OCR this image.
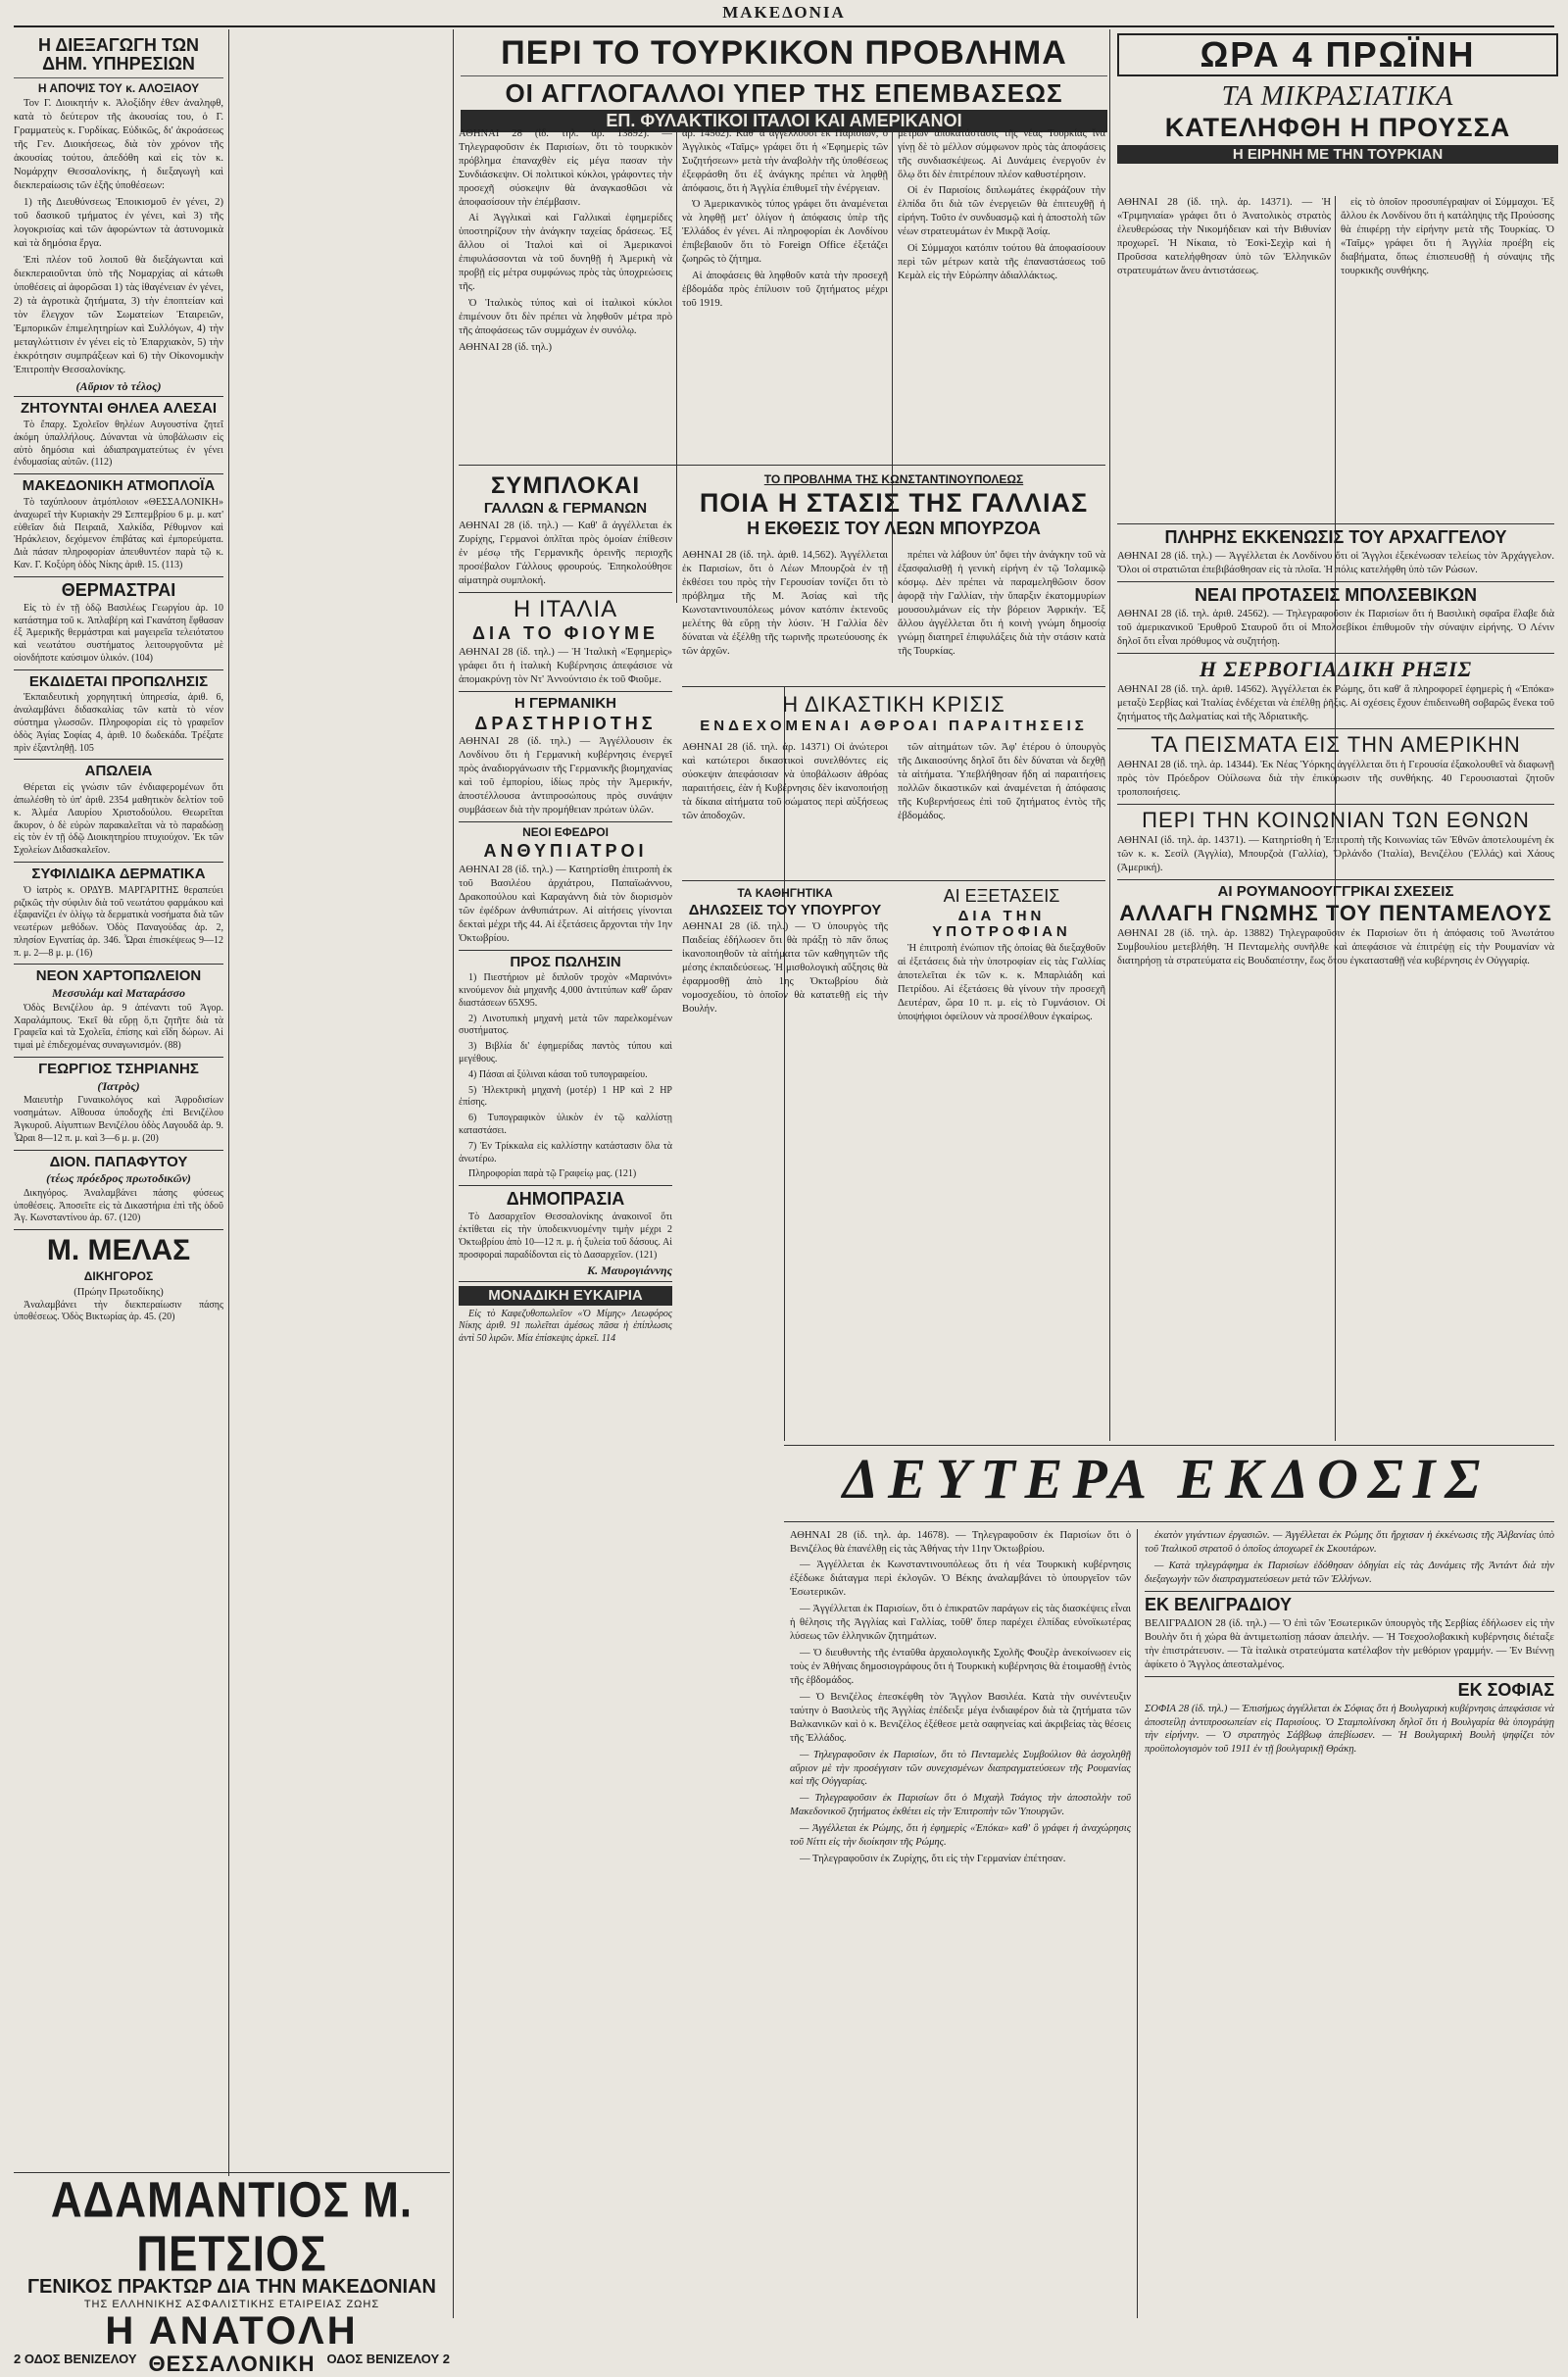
ΜΑΚΕΔΟΝΙΑ
Η ΔΙΕΞΑΓΩΓΗ ΤΩΝ ΔΗΜ. ΥΠΗΡΕΣΙΩΝ
Η ΑΠΟΨΙΣ ΤΟΥ κ. ΑΛΟΞΙΑΟΥ

Τον Γ. Διοικητήν κ. Ἀλοξίδην ἐθεν ἀναληφθ, κατὰ τὸ δεύτερον τῆς ἀκουσίας του, ὁ Γ. Γραμματεὺς κ. Γυρδίκας. Εὐδικῶς, δι' ἀκροάσεως τῆς Γεν. Διοικήσεως, διὰ τὸν χρόνον τῆς ἀκουσίας τούτου, ἀπεδόθη καὶ εἰς τὸν κ. Νομάρχην Θεσσαλονίκης, ἡ διεξαγωγὴ καὶ διεκπεραίωσις τῶν ἑξῆς ὑποθέσεων:

1) τῆς Διευθύνσεως Ἐποικισμοῦ ἐν γένει, 2) τοῦ δασικοῦ τμήματος ἐν γένει, καὶ 3) τῆς λογοκρισίας καὶ τῶν ἀφορώντων τὰ ἀστυνομικὰ καὶ τὰ δημόσια ἔργα.

Ἐπὶ πλέον τοῦ λοιποῦ θὰ διεξάγωνται καὶ διεκπεραιοῦνται ὑπὸ τῆς Νομαρχίας αἱ κάτωθι ὑποθέσεις αἱ ἀφορῶσαι 1) τὰς ἰθαγένειαν ἐν γένει, 2) τὰ ἀγροτικὰ ζητήματα, 3) τὴν ἐποπτείαν καὶ τὸν ἔλεγχον τῶν Σωματείων Ἑταιρειῶν, Ἐμπορικῶν ἐπιμελητηρίων καὶ Συλλόγων, 4) τὴν μεταγλώττισιν ἐν γένει εἰς τὸ Ἐπαρχιακὸν, 5) τὴν ἐκκρότησιν συμπράξεων καὶ 6) τὴν Οἰκονομικὴν Ἐπιτροπὴν Θεσσαλονίκης.

(Αὔριον τὸ τέλος)
ΖΗΤΟΥΝΤΑΙ ΘΗΛΕΑ ΑΛΕΣΑΙ

Τὸ ἔπαρχ. Σχολεῖον θηλέων Αυγουστίνα ζητεῖ ἀκόμη ὑπαλλήλους. Δύνανται νὰ ὑποβάλωσιν εἰς αὐτὸ δημόσια καὶ ἀδιαπραγματεύτως ἐν γένει ἐνδυμασίας αὐτῶν. (112)

ΜΑΚΕΔΟΝΙΚΗ ΑΤΜΟΠΛΟΪΑ

Τὸ ταχύπλοουν ἀτμόπλοιον «ΘΕΣΣΑΛΟΝΙΚΗ» ἀναχωρεῖ τὴν Κυριακὴν 29 Σεπτεμβρίου 6 μ. μ. κατ' εὐθεῖαν διὰ Πειραιᾶ, Χαλκίδα, Ρέθυμνον καὶ Ἡράκλειον, δεχόμενον ἐπιβάτας καὶ ἐμπορεύματα. Διὰ πάσαν πληροφορίαν ἀπευθυντέον παρὰ τῷ κ. Καν. Γ. Κοξύρη ὁδὸς Νίκης ἀριθ. 15. (113)

ΘΕΡΜΑΣΤΡΑΙ

Εἰς τὸ ἐν τῇ ὁδῷ Βασιλέως Γεωργίου ἀρ. 10 κατάστημα τοῦ κ. Ἀπλαβέρη καὶ Γκανάτση ἔφθασαν ἐξ Ἀμερικῆς θερμάστραι καὶ μαγειρεῖα τελειότατου καὶ νεωτάτου συστήματος λειτουργοῦντα μὲ οἰονδήποτε καύσιμον ὑλικόν. (104)

ΕΚΔΙΔΕΤΑΙ ΠΡΟΠΩΛΗΣΙΣ

Ἐκπαιδευτικὴ χορηγητική ὑπηρεσία, ἀριθ. 6, ἀναλαμβάνει διδασκαλίας τῶν κατὰ τὸ νέον σύστημα γλωσσῶν. Πληροφορίαι εἰς τὸ γραφεῖον ὁδὸς Ἀγίας Σοφίας 4, ἀριθ. 10 δωδεκάδα. Τρέξατε πρὶν ἐξαντληθῇ. 105

ΑΠΩΛΕΙΑ

Θέρεται εἰς γνώσιν τῶν ἐνδιαφερομένων ὅτι ἀπωλέσθη τὸ ὑπ' ἀριθ. 2354 μαθητικὸν δελτίον τοῦ κ. Ἀλμέα Λαυρίου Χριστοδούλου. Θεωρεῖται ἄκυρον, ὁ δὲ εὑρὼν παρακαλεῖται νὰ τὸ παραδώσῃ εἰς τὸν ἐν τῇ ὁδῷ Διοικητηρίου πτυχιούχον. Ἐκ τῶν Σχολείων Διδασκαλεῖον.

ΣΥΦΙΛΙΔΙΚΑ ΔΕΡΜΑΤΙΚΑ

Ὁ ἰατρὸς κ. ΟΡΔΥΒ. ΜΑΡΓΑΡΙΤΗΣ θεραπεύει ριζικῶς τὴν σύφιλιν διὰ τοῦ νεωτάτου φαρμάκου καὶ ἐξαφανίζει ἐν ὀλίγῳ τὰ δερματικὰ νοσήματα διὰ τῶν νεωτέρων μεθόδων. Ὁδὸς Παναγούδας ἀρ. 2, πλησίον Εγνατίας ἀρ. 346. Ὧραι ἐπισκέψεως 9—12 π. μ. 2—8 μ. μ. (16)

ΝΕΟΝ ΧΑΡΤΟΠΩΛΕΙΟΝ
Μεσσυλάμ καὶ Ματαράσσο

Ὁδὸς Βενιζέλου ἀρ. 9 ἀπέναντι τοῦ Ἀγορ. Χαραλάμπους. Ἐκεῖ θὰ εὕρῃ ὅ,τι ζητῆτε διὰ τὰ Γραφεῖα καὶ τὰ Σχολεῖα, ἐπίσης καὶ εἴδη δώρων. Αἱ τιμαὶ μὲ ἐπιδεχομένας συναγωνισμόν. (88)

ΓΕΩΡΓΙΟΣ ΤΣΗΡΙΑΝΗΣ
(Ἰατρὸς)

Μαιευτὴρ Γυναικολόγος καὶ Ἀφροδισίων νοσημάτων. Αἴθουσα ὑποδοχῆς ἐπὶ Βενιζέλου Ἀγκυροῦ. Αἰγυπτιων Βενιζέλου ὁδὸς Λαγουδᾶ ἀρ. 9. Ὧραι 8—12 π. μ. καὶ 3—6 μ. μ. (20)

ΔΙΟΝ. ΠΑΠΑΦΥΤΟΥ
(τέως πρόεδρος πρωτοδικῶν)

Δικηγόρος. Ἀναλαμβάνει πάσης φύσεως ὑποθέσεις. Ἀποσεῖτε εἰς τὰ Δικαστήρια ἐπὶ τῆς ὁδοῦ Ἁγ. Κωνσταντίνου ἀρ. 67. (120)

Μ. ΜΕΛΑΣ
ΔΙΚΗΓΟΡΟΣ
(Πρώην Πρωτοδίκης)

Ἀναλαμβάνει τὴν διεκπεραίωσιν πάσης ὑποθέσεως. Ὁδὸς Βικτωρίας ἀρ. 45. (20)

ΑΔΑΜΑΝΤΙΟΣ Μ. ΠΕΤΣΙΟΣ
ΓΕΝΙΚΟΣ ΠΡΑΚΤΩΡ ΔΙΑ ΤΗΝ ΜΑΚΕΔΟΝΙΑΝ
ΤΗΣ ΕΛΛΗΝΙΚΗΣ ΑΣΦΑΛΙΣΤΙΚΗΣ ΕΤΑΙΡΕΙΑΣ ΖΩΗΣ
Η ΑΝΑΤΟΛΗ
2 ΟΔΟΣ ΒΕΝΙΖΕΛΟΥ ΘΕΣΣΑΛΟΝΙΚΗ ΟΔΟΣ ΒΕΝΙΖΕΛΟΥ 2
ΠΕΡΙ ΤΟ ΤΟΥΡΚΙΚΟΝ ΠΡΟΒΛΗΜΑ
ΟΙ ΑΓΓΛΟΓΑΛΛΟΙ ΥΠΕΡ ΤΗΣ ΕΠΕΜΒΑΣΕΩΣ
ΕΠ. ΦΥΛΑΚΤΙΚΟΙ ΙΤΑΛΟΙ ΚΑΙ ΑΜΕΡΙΚΑΝΟΙ

ΑΘΗΝΑΙ 28 (ἰδ. τηλ. ἀρ. 13892). — Τηλεγραφοῦσιν ἐκ Παρισίων, ὅτι τὸ τουρκικὸν πρόβλημα ἐπαναχθὲν εἰς μέγα πασαν τὴν Συνδιάσκεψιν. Οἱ πολιτικοὶ κύκλοι, γράφοντες τὴν προσεχῆ σύσκεψιν θὰ ἀναγκασθῶσι νὰ ἀποφασίσουν τὴν ἐπέμβασιν.

Αἱ Ἀγγλικαὶ καὶ Γαλλικαὶ ἐφημερίδες ὑποστηρίζουν τὴν ἀνάγκην ταχείας δράσεως. Ἐξ ἄλλου οἱ Ἰταλοὶ καὶ οἱ Ἀμερικανοὶ ἐπιφυλάσσονται νὰ τοῦ δυνηθῇ ἡ Ἀμερικὴ νὰ προβῇ εἰς μέτρα συμφώνως πρὸς τὰς ὑποχρεώσεις τῆς.

Ὁ Ἰταλικὸς τύπος καὶ οἱ ἰταλικοὶ κύκλοι ἐπιμένουν ὅτι δὲν πρέπει νὰ ληφθοῦν μέτρα πρὸ τῆς ἀποφάσεως τῶν συμμάχων ἐν συνόλῳ.

ΑΘΗΝΑΙ 28 (ἰδ. τηλ.)

ἀρ. 14562). Καθ' ἃ ἀγγέλλουσι ἐκ Παρισίων, ὁ Ἀγγλικὸς «Ταῖμς» γράφει ὅτι ἡ «Ἐφημερὶς τῶν Συζητήσεων» μετὰ τὴν ἀναβολὴν τῆς ὑποθέσεως ἐξεφράσθη ὅτι ἐξ ἀνάγκης πρέπει νὰ ληφθῇ ἀπόφασις, ὅτι ἡ Ἀγγλία ἐπιθυμεῖ τὴν ἐνέργειαν.

Ὁ Ἀμερικανικὸς τύπος γράφει ὅτι ἀναμένεται νὰ ληφθῇ μετ' ὀλίγον ἡ ἀπόφασις ὑπὲρ τῆς Ἑλλάδος ἐν γένει. Αἱ πληροφορίαι ἐκ Λονδίνου ἐπιβεβαιοῦν ὅτι τὸ Foreign Office ἐξετάζει ζωηρῶς τὸ ζήτημα.

Αἱ ἀποφάσεις θὰ ληφθοῦν κατὰ τὴν προσεχῆ ἑβδομάδα πρὸς ἐπίλυσιν τοῦ ζητήματος μέχρι τοῦ 1919.

μέτρων ἀποκατάστασις τῆς νέας Τουρκίας ἵνα γίνῃ δὲ τὸ μέλλον σύμφωνον πρὸς τὰς ἀποφάσεις τῆς συνδιασκέψεως. Αἱ Δυνάμεις ἐνεργοῦν ἐν ὅλῳ ὅτι δὲν ἐπιτρέπουν πλέον καθυστέρησιν.

Οἱ ἐν Παρισίοις διπλωμάτες ἐκφράζουν τὴν ἐλπίδα ὅτι διὰ τῶν ἐνεργειῶν θὰ ἐπιτευχθῇ ἡ εἰρήνη. Τοῦτο ἐν συνδυασμῷ καὶ ἡ ἀποστολὴ τῶν νέων στρατευμάτων ἐν Μικρᾷ Ἀσίᾳ.

Οἱ Σύμμαχοι κατόπιν τούτου θὰ ἀποφασίσουν περὶ τῶν μέτρων κατὰ τῆς ἐπαναστάσεως τοῦ Κεμὰλ εἰς τὴν Εὐρώπην ἀδιαλλάκτως.

ΣΥΜΠΛΟΚΑΙ
ΓΑΛΛΩΝ & ΓΕΡΜΑΝΩΝ

ΑΘΗΝΑΙ 28 (ἰδ. τηλ.) — Καθ' ἃ ἀγγέλλεται ἐκ Ζυρίχης, Γερμανοὶ ὁπλῖται πρὸς ὁμοίαν ἐπίθεσιν ἐν μέσῳ τῆς Γερμανικῆς ὁρεινῆς περιοχῆς προσέβαλον Γάλλους φρουρούς. Ἐπηκολούθησε αἱματηρὰ συμπλοκή.

Η ΙΤΑΛΙΑ
ΔΙΑ ΤΟ ΦΙΟΥΜΕ

ΑΘΗΝΑΙ 28 (ἰδ. τηλ.) — Ἡ Ἰταλικὴ «Ἐφημερὶς» γράφει ὅτι ἡ ἰταλικὴ Κυβέρνησις ἀπεφάσισε νὰ ἀπομακρύνῃ τὸν Ντ' Ἀννούντσιο ἐκ τοῦ Φιοῦμε.

Η ΓΕΡΜΑΝΙΚΗ
ΔΡΑΣΤΗΡΙΟΤΗΣ

ΑΘΗΝΑΙ 28 (ἰδ. τηλ.) — Ἀγγέλλουσιν ἐκ Λονδίνου ὅτι ἡ Γερμανικὴ κυβέρνησις ἐνεργεῖ πρὸς ἀναδιοργάνωσιν τῆς Γερμανικῆς βιομηχανίας καὶ τοῦ ἐμπορίου, ἰδίως πρὸς τὴν Ἀμερικήν, ἀποστέλλουσα ἀντιπροσώπους πρὸς συνάψιν συμβάσεων διὰ τὴν προμήθειαν πρώτων ὑλῶν.

ΝΕΟΙ ΕΦΕΔΡΟΙ
ΑΝΘΥΠΙΑΤΡΟΙ

ΑΘΗΝΑΙ 28 (ἰδ. τηλ.) — Κατηρτίσθη ἐπιτροπὴ ἐκ τοῦ Βασιλέου ἀρχιάτρου, Παπαϊωάννου, Δρακοπούλου καὶ Καραγάννη διὰ τὸν διορισμὸν τῶν ἐφέδρων ἀνθυπιάτρων. Αἱ αἰτήσεις γίνονται δεκταὶ μέχρι τῆς 44. Αἱ ἐξετάσεις ἄρχονται τὴν 1ην Ὀκτωβρίου.

ΠΡΟΣ ΠΩΛΗΣΙΝ

1) Πιεστήριον μὲ διπλοῦν τροχὸν «Μαρινόνι» κινούμενον διὰ μηχανῆς 4,000 ἀντιτύπων καθ' ὥραν διαστάσεων 65Χ95.

2) Λινοτυπικὴ μηχανὴ μετὰ τῶν παρελκομένων συστήματος.

3) Βιβλία δι' ἐφημερίδας παντὸς τύπου καὶ μεγέθους.

4) Πάσαι αἱ ξύλιναι κάσαι τοῦ τυπογραφείου.

5) Ἠλεκτρικὴ μηχανὴ (μοτέρ) 1 ΗΡ καὶ 2 ΗΡ ἐπίσης.

6) Τυπογραφικὸν ὑλικὸν ἐν τῷ καλλίστῃ καταστάσει.

7) Ἐν Τρίκκαλα εἰς καλλίστην κατάστασιν ὅλα τὰ ἀνωτέρω.

Πληροφορίαι παρὰ τῷ Γραφείῳ μας. (121)

ΔΗΜΟΠΡΑΣΙΑ

Τὸ Δασαρχεῖον Θεσσαλονίκης ἀνακοινοῖ ὅτι ἐκτίθεται εἰς τὴν ὑποδεικνυομένην τιμὴν μέχρι 2 Ὀκτωβρίου ἀπὸ 10—12 π. μ. ἡ ξυλεία τοῦ δάσους. Αἱ προσφοραὶ παραδίδονται εἰς τὸ Δασαρχεῖον. (121)

Κ. Μαυρογιάννης
ΜΟΝΑΔΙΚΗ ΕΥΚΑΙΡΙΑ

Εἰς τὸ Καφεζυθοπωλεῖον «Ὁ Μίμης» Λεωφόρος Νίκης ἀριθ. 91 πωλεῖται ἀμέσως πᾶσα ἡ ἐπίπλωσις ἀντὶ 50 λιρῶν. Μία ἐπίσκεψις ἀρκεῖ. 114

ΤΟ ΠΡΟΒΛΗΜΑ ΤΗΣ ΚΩΝΣΤΑΝΤΙΝΟΥΠΟΛΕΩΣ
ΠΟΙΑ Η ΣΤΑΣΙΣ ΤΗΣ ΓΑΛΛΙΑΣ
Η ΕΚΘΕΣΙΣ ΤΟΥ ΛΕΩΝ ΜΠΟΥΡΖΟΑ

ΑΘΗΝΑΙ 28 (ἰδ. τηλ. ἀριθ. 14,562). Ἀγγέλλεται ἐκ Παρισίων, ὅτι ὁ Λέων Μπουρζοὰ ἐν τῇ ἐκθέσει του πρὸς τὴν Γερουσίαν τονίζει ὅτι τὸ πρόβλημα τῆς Μ. Ἀσίας καὶ τῆς Κωνσταντινουπόλεως μόνον κατόπιν ἐκτενοῦς μελέτης θὰ εὕρῃ τὴν λύσιν. Ἡ Γαλλία δὲν δύναται νὰ ἐξέλθῃ τῆς τωρινῆς πρωτεύουσης ἐκ τῶν ἀρχῶν.

πρέπει νὰ λάβουν ὑπ' ὄψει τὴν ἀνάγκην τοῦ νὰ ἐξασφαλισθῇ ἡ γενικὴ εἰρήνη ἐν τῷ Ἰσλαμικῷ κόσμῳ. Δὲν πρέπει νὰ παραμεληθῶσιν ὅσον ἀφορᾷ τὴν Γαλλίαν, τὴν ὕπαρξιν ἑκατομμυρίων μουσουλμάνων εἰς τὴν βόρειον Ἀφρικήν. Ἐξ ἄλλου ἀγγέλλεται ὅτι ἡ κοινὴ γνώμη δημοσίᾳ γνώμῃ διατηρεῖ ἐπιφυλάξεις διὰ τὴν στάσιν κατὰ τῆς Τουρκίας.

Η ΔΙΚΑΣΤΙΚΗ ΚΡΙΣΙΣ
ΕΝΔΕΧΟΜΕΝΑΙ ΑΘΡΟΑΙ ΠΑΡΑΙΤΗΣΕΙΣ

ΑΘΗΝΑΙ 28 (ἰδ. τηλ. ἀρ. 14371) Οἱ ἀνώτεροι καὶ κατώτεροι δικαστικοὶ συνελθόντες εἰς σύσκεψιν ἀπεφάσισαν νὰ ὑποβάλωσιν ἀθρόας παραιτήσεις, ἐὰν ἡ Κυβέρνησις δὲν ἱκανοποιήσῃ τὰ δίκαια αἰτήματα τοῦ σώματος περὶ αὐξήσεως τῶν ἀποδοχῶν.

τῶν αἰτημάτων τῶν. Ἀφ' ἑτέρου ὁ ὑπουργὸς τῆς Δικαιοσύνης δηλοῖ ὅτι δὲν δύναται νὰ δεχθῇ τὰ αἰτήματα. Ὑπεβλήθησαν ἤδη αἱ παραιτήσεις πολλῶν δικαστικῶν καὶ ἀναμένεται ἡ ἀπόφασις τῆς Κυβερνήσεως ἐπὶ τοῦ ζητήματος ἐντὸς τῆς ἑβδομάδος.

ΤΑ ΚΑΘΗΓΗΤΙΚΑ
ΔΗΛΩΣΕΙΣ ΤΟΥ ΥΠΟΥΡΓΟΥ

ΑΘΗΝΑΙ 28 (ἰδ. τηλ.) — Ὁ ὑπουργὸς τῆς Παιδείας ἐδήλωσεν ὅτι θὰ πράξῃ τὸ πᾶν ὅπως ἱκανοποιηθοῦν τὰ αἰτήματα τῶν καθηγητῶν τῆς μέσης ἐκπαιδεύσεως. Ἡ μισθολογικὴ αὔξησις θὰ ἐφαρμοσθῇ ἀπὸ 1ης Ὀκτωβρίου διὰ νομοσχεδίου, τὸ ὁποῖον θὰ κατατεθῇ εἰς τὴν Βουλήν.

ΑΙ ΕΞΕΤΑΣΕΙΣ
ΔΙΑ ΤΗΝ ΥΠΟΤΡΟΦΙΑΝ

Ἡ ἐπιτροπὴ ἐνώπιον τῆς ὁποίας θὰ διεξαχθοῦν αἱ ἐξετάσεις διὰ τὴν ὑποτροφίαν εἰς τὰς Γαλλίας ἀποτελεῖται ἐκ τῶν κ. κ. Μπαρλιάδη καὶ Πετρίδου. Αἱ ἐξετάσεις θὰ γίνουν τὴν προσεχῆ Δευτέραν, ὥρα 10 π. μ. εἰς τὸ Γυμνάσιον. Οἱ ὑποψήφιοι ὀφείλουν νὰ προσέλθουν ἐγκαίρως.

ΩΡΑ 4 ΠΡΩΪΝΗ
ΤΑ ΜΙΚΡΑΣΙΑΤΙΚΑ
ΚΑΤΕΛΗΦΘΗ Η ΠΡΟΥΣΣΑ
Η ΕΙΡΗΝΗ ΜΕ ΤΗΝ ΤΟΥΡΚΙΑΝ

ΑΘΗΝΑΙ 28 (ἰδ. τηλ. ἀρ. 14371). — Ἡ «Τριμηνιαία» γράφει ὅτι ὁ Ἀνατολικὸς στρατὸς ἐλευθερώσας τὴν Νικομήδειαν καὶ τὴν Βιθυνίαν προχωρεῖ. Ἡ Νίκαια, τὸ Ἐσκὶ-Σεχὶρ καὶ ἡ Προῦσσα κατελήφθησαν ὑπὸ τῶν Ἑλληνικῶν στρατευμάτων ἄνευ ἀντιστάσεως.

εἰς τὸ ὁποῖον προσυπέγραψαν οἱ Σύμμαχοι. Ἐξ ἄλλου ἐκ Λονδίνου ὅτι ἡ κατάληψις τῆς Προύσσης θὰ ἐπιφέρῃ τὴν εἰρήνην μετὰ τῆς Τουρκίας. Ὁ «Ταῖμς» γράφει ὅτι ἡ Ἀγγλία προέβη εἰς διαβήματα, ὅπως ἐπισπευσθῇ ἡ σύναψις τῆς τουρκικῆς συνθήκης.

ΠΛΗΡΗΣ ΕΚΚΕΝΩΣΙΣ ΤΟΥ ΑΡΧΑΓΓΕΛΟΥ

ΑΘΗΝΑΙ 28 (ἰδ. τηλ.) — Ἀγγέλλεται ἐκ Λονδίνου ὅτι οἱ Ἄγγλοι ἐξεκένωσαν τελείως τὸν Ἀρχάγγελον. Ὅλοι οἱ στρατιῶται ἐπεβιβάσθησαν εἰς τὰ πλοῖα. Ἡ πόλις κατελήφθη ὑπὸ τῶν Ρώσων.

ΝΕΑΙ ΠΡΟΤΑΣΕΙΣ ΜΠΟΛΣΕΒΙΚΩΝ

ΑΘΗΝΑΙ 28 (ἰδ. τηλ. ἀριθ. 24562). — Τηλεγραφοῦσιν ἐκ Παρισίων ὅτι ἡ Βασιλικὴ σφαῖρα ἔλαβε διὰ τοῦ ἀμερικανικοῦ Ἐρυθροῦ Σταυροῦ ὅτι οἱ Μπολσεβίκοι ἐπιθυμοῦν τὴν σύναψιν εἰρήνης. Ὁ Λένιν δηλοῖ ὅτι εἶναι πρόθυμος νὰ συζητήσῃ.

Η ΣΕΡΒΟΓΙΑΔΙΚΗ ΡΗΞΙΣ

ΑΘΗΝΑΙ 28 (ἰδ. τηλ. ἀριθ. 14562). Ἀγγέλλεται ἐκ Ρώμης, ὅτι καθ' ἃ πληροφορεῖ ἐφημερὶς ἡ «Ἐπόκα» μεταξὺ Σερβίας καὶ Ἰταλίας ἐνδέχεται νὰ ἐπέλθῃ ῥῆξις. Αἱ σχέσεις ἔχουν ἐπιδεινωθῆ σοβαρῶς ἕνεκα τοῦ ζητήματος τῆς Δαλματίας καὶ τῆς Ἀδριατικῆς.

ΤΑ ΠΕΙΣΜΑΤΑ ΕΙΣ ΤΗΝ ΑΜΕΡΙΚΗΝ

ΑΘΗΝΑΙ 28 (ἰδ. τηλ. ἀρ. 14344). Ἐκ Νέας Ὑόρκης ἀγγέλλεται ὅτι ἡ Γερουσία ἐξακολουθεῖ νὰ διαφωνῇ πρὸς τὸν Πρόεδρον Οὐίλσωνα διὰ τὴν ἐπικύρωσιν τῆς συνθήκης. 40 Γερουσιασταὶ ζητοῦν τροποποιήσεις.

ΠΕΡΙ ΤΗΝ ΚΟΙΝΩΝΙΑΝ ΤΩΝ ΕΘΝΩΝ

ΑΘΗΝΑΙ (ἰδ. τηλ. ἀρ. 14371). — Κατηρτίσθη ἡ Ἐπιτροπὴ τῆς Κοινωνίας τῶν Ἐθνῶν ἀποτελουμένη ἐκ τῶν κ. κ. Σεσίλ (Ἀγγλία), Μπουρζοὰ (Γαλλία), Ὀρλάνδο (Ἰταλία), Βενιζέλου (Ἑλλάς) καὶ Χάους (Ἀμερική).

ΑΙ ΡΟΥΜΑΝΟΟΥΓΓΡΙΚΑΙ ΣΧΕΣΕΙΣ
ΑΛΛΑΓΗ ΓΝΩΜΗΣ ΤΟΥ ΠΕΝΤΑΜΕΛΟΥΣ

ΑΘΗΝΑΙ 28 (ἰδ. τηλ. ἀρ. 13882) Τηλεγραφοῦσιν ἐκ Παρισίων ὅτι ἡ ἀπόφασις τοῦ Ἀνωτάτου Συμβουλίου μετεβλήθη. Ἡ Πενταμελὴς συνῆλθε καὶ ἀπεφάσισε νὰ ἐπιτρέψῃ εἰς τὴν Ρουμανίαν νὰ διατηρήσῃ τὰ στρατεύματα εἰς Βουδαπέστην, ἕως ὅτου ἐγκατασταθῇ νέα κυβέρνησις ἐν Οὐγγαρίᾳ.

ΔΕΥΤΕΡΑ ΕΚΔΟΣΙΣ

ΑΘΗΝΑΙ 28 (ἰδ. τηλ. ἀρ. 14678). — Τηλεγραφοῦσιν ἐκ Παρισίων ὅτι ὁ Βενιζέλος θὰ ἐπανέλθῃ εἰς τὰς Ἀθήνας τὴν 11ην Ὀκτωβρίου.

— Ἀγγέλλεται ἐκ Κωνσταντινουπόλεως ὅτι ἡ νέα Τουρκικὴ κυβέρνησις ἐξέδωκε διάταγμα περὶ ἐκλογῶν. Ὁ Βέκης ἀναλαμβάνει τὸ ὑπουργεῖον τῶν Ἐσωτερικῶν.

— Ἀγγέλλεται ἐκ Παρισίων, ὅτι ὁ ἐπικρατῶν παράγων εἰς τὰς διασκέψεις εἶναι ἡ θέλησις τῆς Ἀγγλίας καὶ Γαλλίας, τοῦθ' ὅπερ παρέχει ἐλπίδας εὐνοϊκωτέρας λύσεως τῶν ἑλληνικῶν ζητημάτων.

— Ὁ διευθυντὴς τῆς ἐνταῦθα ἀρχαιολογικῆς Σχολῆς Φουζὲρ ἀνεκοίνωσεν εἰς τοὺς ἐν Ἀθήναις δημοσιογράφους ὅτι ἡ Τουρκικὴ κυβέρνησις θὰ ἑτοιμασθῇ ἐντὸς τῆς ἑβδομάδος.

— Ὁ Βενιζέλος ἐπεσκέφθη τὸν Ἄγγλον Βασιλέα. Κατὰ τὴν συνέντευξιν ταύτην ὁ Βασιλεὺς τῆς Ἀγγλίας ἐπέδειξε μέγα ἐνδιαφέρον διὰ τὰ ζητήματα τῶν Βαλκανικῶν καὶ ὁ κ. Βενιζέλος ἐξέθεσε μετὰ σαφηνείας καὶ ἀκριβείας τὰς θέσεις τῆς Ἑλλάδος.

— Τηλεγραφοῦσιν ἐκ Παρισίων, ὅτι τὸ Πενταμελὲς Συμβούλιον θὰ ἀσχοληθῇ αὔριον μὲ τὴν προσέγγισιν τῶν συνεχισμένων διαπραγματεύσεων τῆς Ρουμανίας καὶ τῆς Οὐγγαρίας.

— Τηλεγραφοῦσιν ἐκ Παρισίων ὅτι ὁ Μιχαὴλ Τσάγιος τὴν ἀποστολὴν τοῦ Μακεδονικοῦ ζητήματος ἐκθέτει εἰς τὴν Ἐπιτροπὴν τῶν Ὑπουργῶν.

— Ἀγγέλλεται ἐκ Ρώμης, ὅτι ἡ ἐφημερὶς «Ἐπόκα» καθ' ὃ γράφει ἡ ἀναχώρησις τοῦ Νίττι εἰς τὴν διοίκησιν τῆς Ρώμης.

— Τηλεγραφοῦσιν ἐκ Ζυρίχης, ὅτι εἰς τὴν Γερμανίαν ἐπέτησαν.

ἐκατὸν γιγάντιων ἐργασιῶν. — Ἀγγέλλεται ἐκ Ρώμης ὅτι ἤρχισαν ἡ ἐκκένωσις τῆς Ἀλβανίας ὑπὸ τοῦ Ἰταλικοῦ στρατοῦ ὁ ὁποῖος ἀποχωρεῖ ἐκ Σκουτάρων.

— Κατὰ τηλεγράφημα ἐκ Παρισίων ἐδόθησαν ὁδηγίαι εἰς τὰς Δυνάμεις τῆς Ἀντάντ διὰ τὴν διεξαγωγὴν τῶν διαπραγματεύσεων μετὰ τῶν Ἑλλήνων.

ΕΚ ΒΕΛΙΓΡΑΔΙΟΥ

ΒΕΛΙΓΡΑΔΙΟΝ 28 (ἰδ. τηλ.) — Ὁ ἐπὶ τῶν Ἐσωτερικῶν ὑπουργὸς τῆς Σερβίας ἐδήλωσεν εἰς τὴν Βουλὴν ὅτι ἡ χώρα θὰ ἀντιμετωπίσῃ πάσαν ἀπειλήν. — Ἡ Τσεχοσλοβακικὴ κυβέρνησις διέταξε τὴν ἐπιστράτευσιν. — Τὰ ἰταλικὰ στρατεύματα κατέλαβον τὴν μεθόριον γραμμήν. — Ἐν Βιέννῃ ἀφίκετο ὁ Ἄγγλος ἀπεσταλμένος.

ΕΚ ΣΟΦΙΑΣ

ΣΟΦΙΑ 28 (ἰδ. τηλ.) — Ἐπισήμως ἀγγέλλεται ἐκ Σόφιας ὅτι ἡ Βουλγαρικὴ κυβέρνησις ἀπεφάσισε νὰ ἀποστείλῃ ἀντιπροσωπείαν εἰς Παρισίους. Ὁ Σταμπολίνσκη δηλοῖ ὅτι ἡ Βουλγαρία θὰ ὑπογράψῃ τὴν εἰρήνην. — Ὁ στρατηγὸς Σάββωφ ἀπεβίωσεν. — Ἡ Βουλγαρικὴ Βουλὴ ψηφίζει τὸν προϋπολογισμὸν τοῦ 1911 ἐν τῇ βουλγαρικῇ Θράκῃ.
